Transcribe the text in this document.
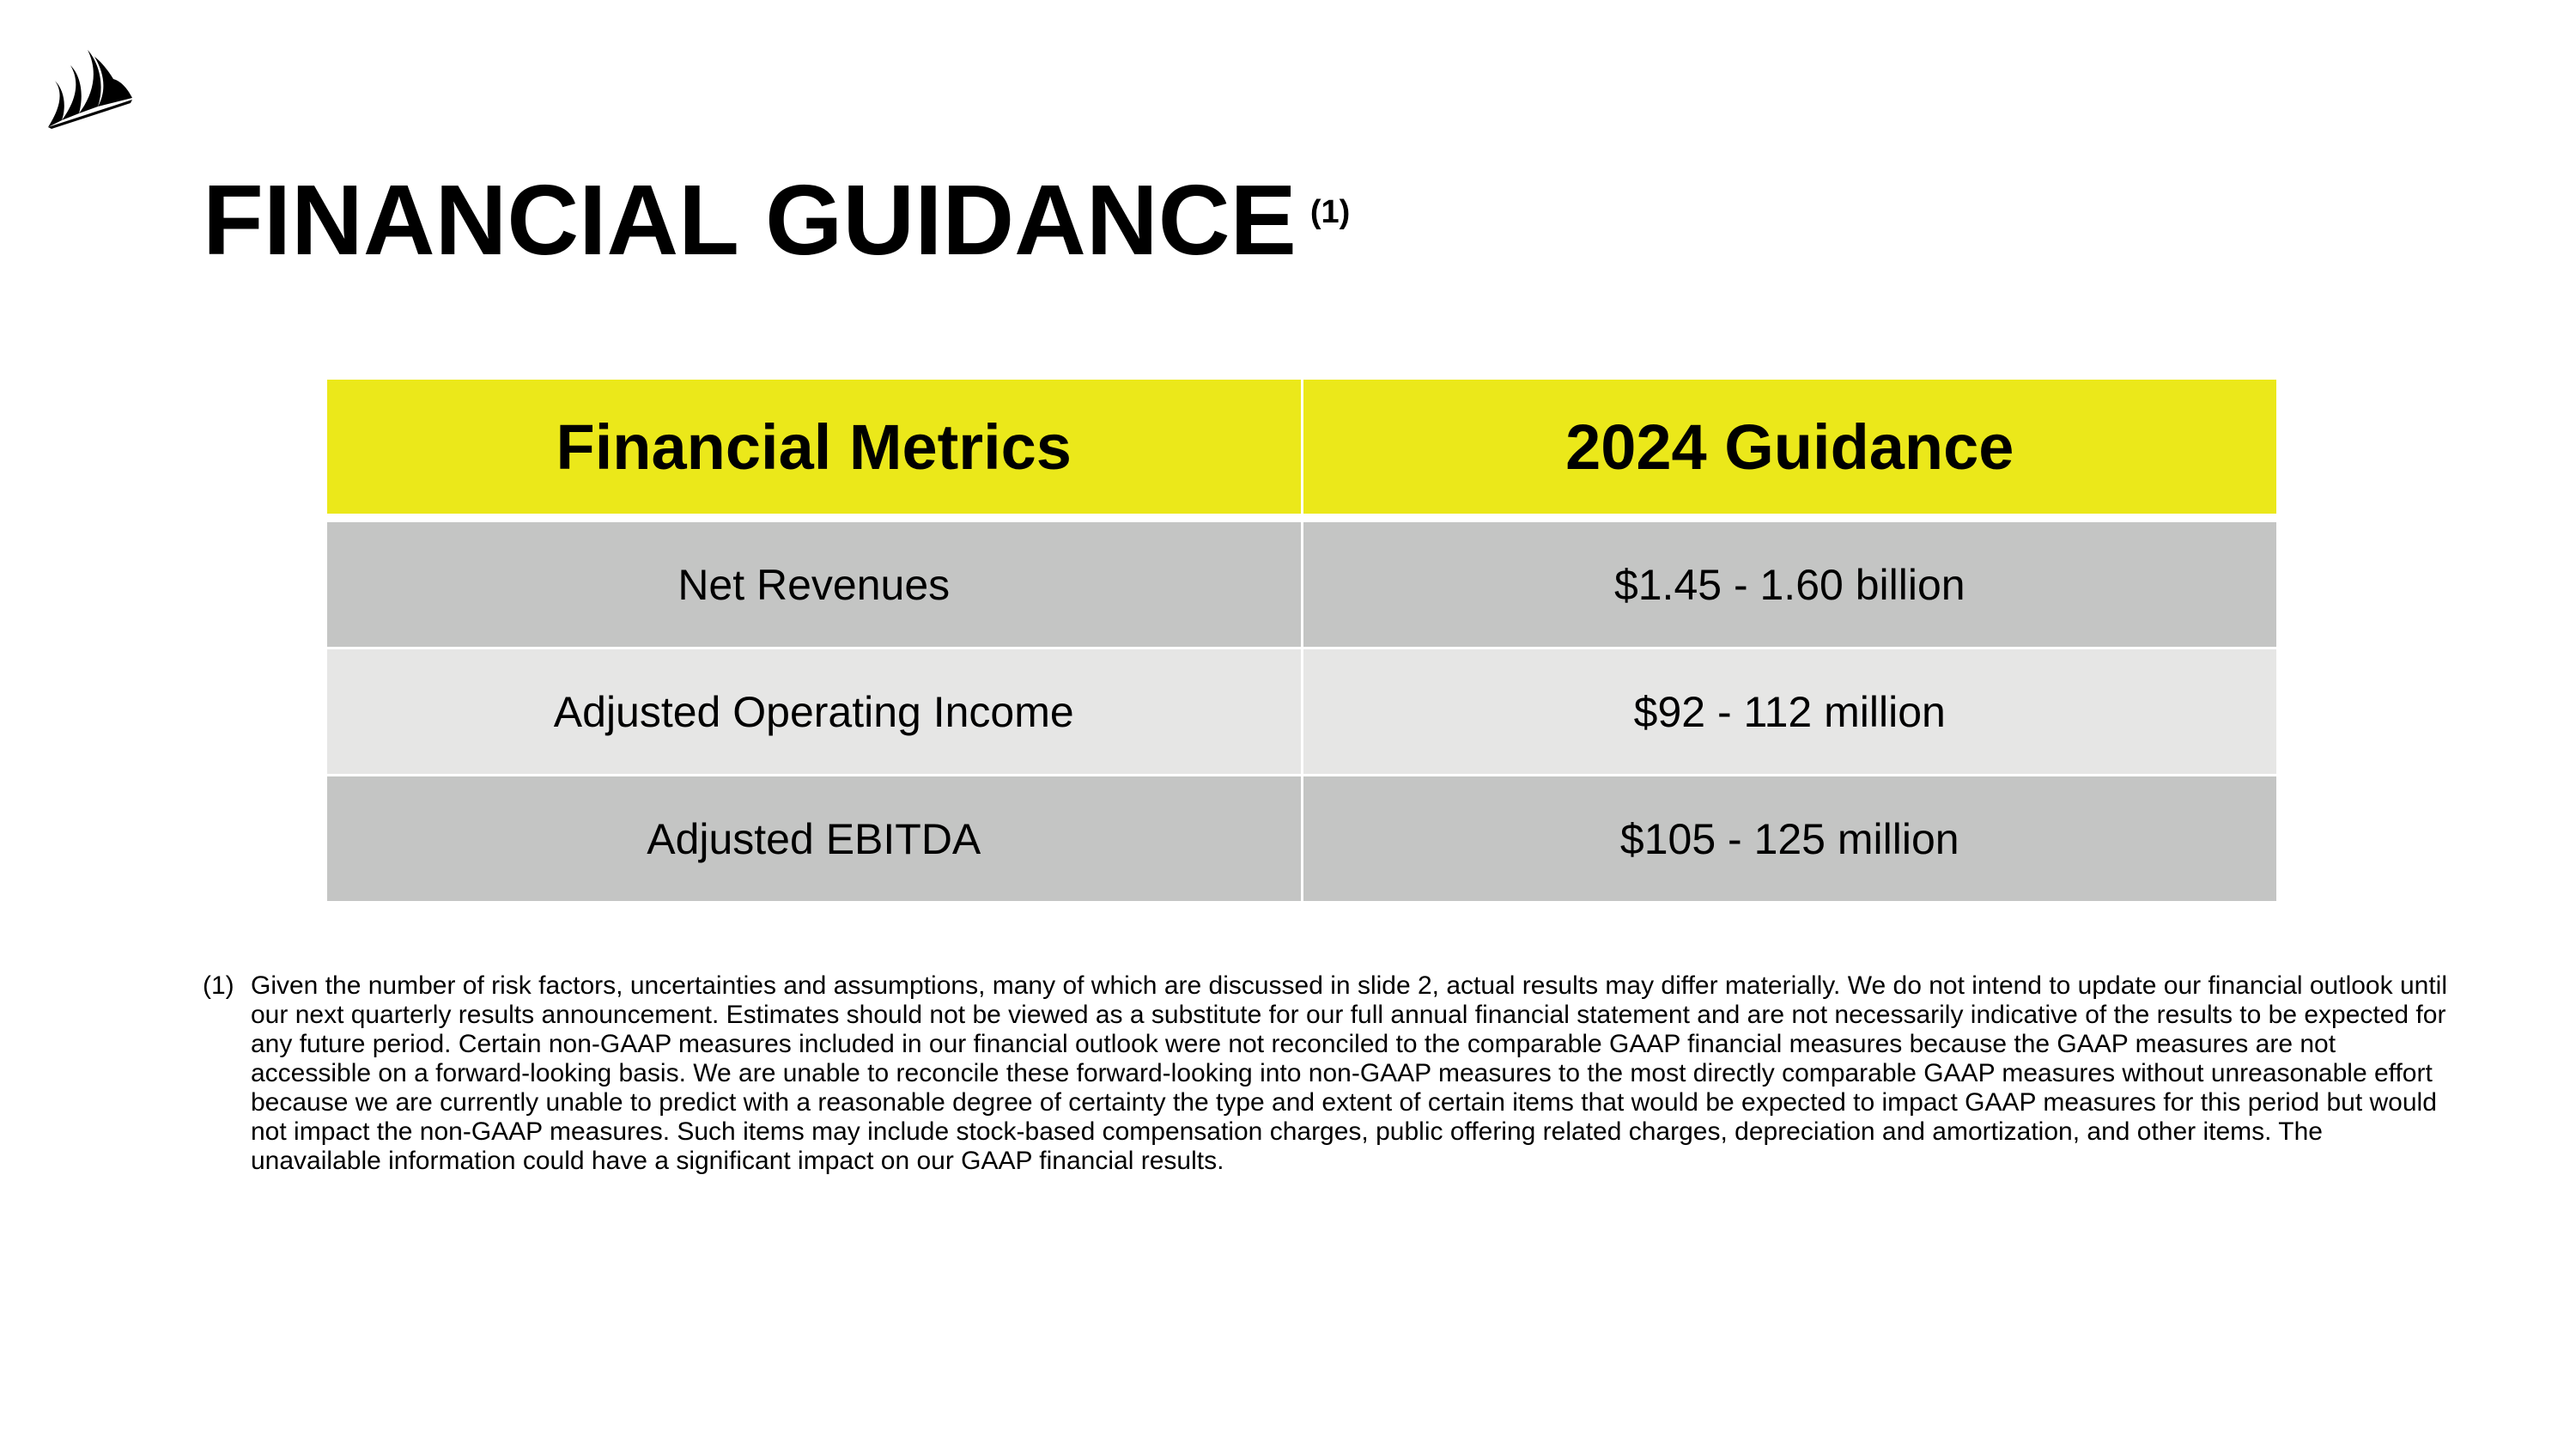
FINANCIAL GUIDANCE $^{(1)}$
Financial Metrics	2024 Guidance
Net Revenues	$1.45 - 1.60 billion
Adjusted Operating Income	$92 - 112 million
Adjusted EBITDA	$105 - 125 million
(1) Given the number of risk factors, uncertainties and assumptions, many of which are discussed in slide 2, actual results may differ materially. We do not intend to update our financial outlook until our next quarterly results announcement. Estimates should not be viewed as a substitute for our full annual financial statement and are not necessarily indicative of the results to be expected for any future period. Certain non-GAAP measures included in our financial outlook were not reconciled to the comparable GAAP financial measures because the GAAP measures are not accessible on a forward-looking basis. We are unable to reconcile these forward-looking into non-GAAP measures to the most directly comparable GAAP measures without unreasonable effort because we are currently unable to predict with a reasonable degree of certainty the type and extent of certain items that would be expected to impact GAAP measures for this period but would not impact the non-GAAP measures. Such items may include stock-based compensation charges, public offering related charges, depreciation and amortization, and other items. The unavailable information could have a significant impact on our GAAP financial results.
